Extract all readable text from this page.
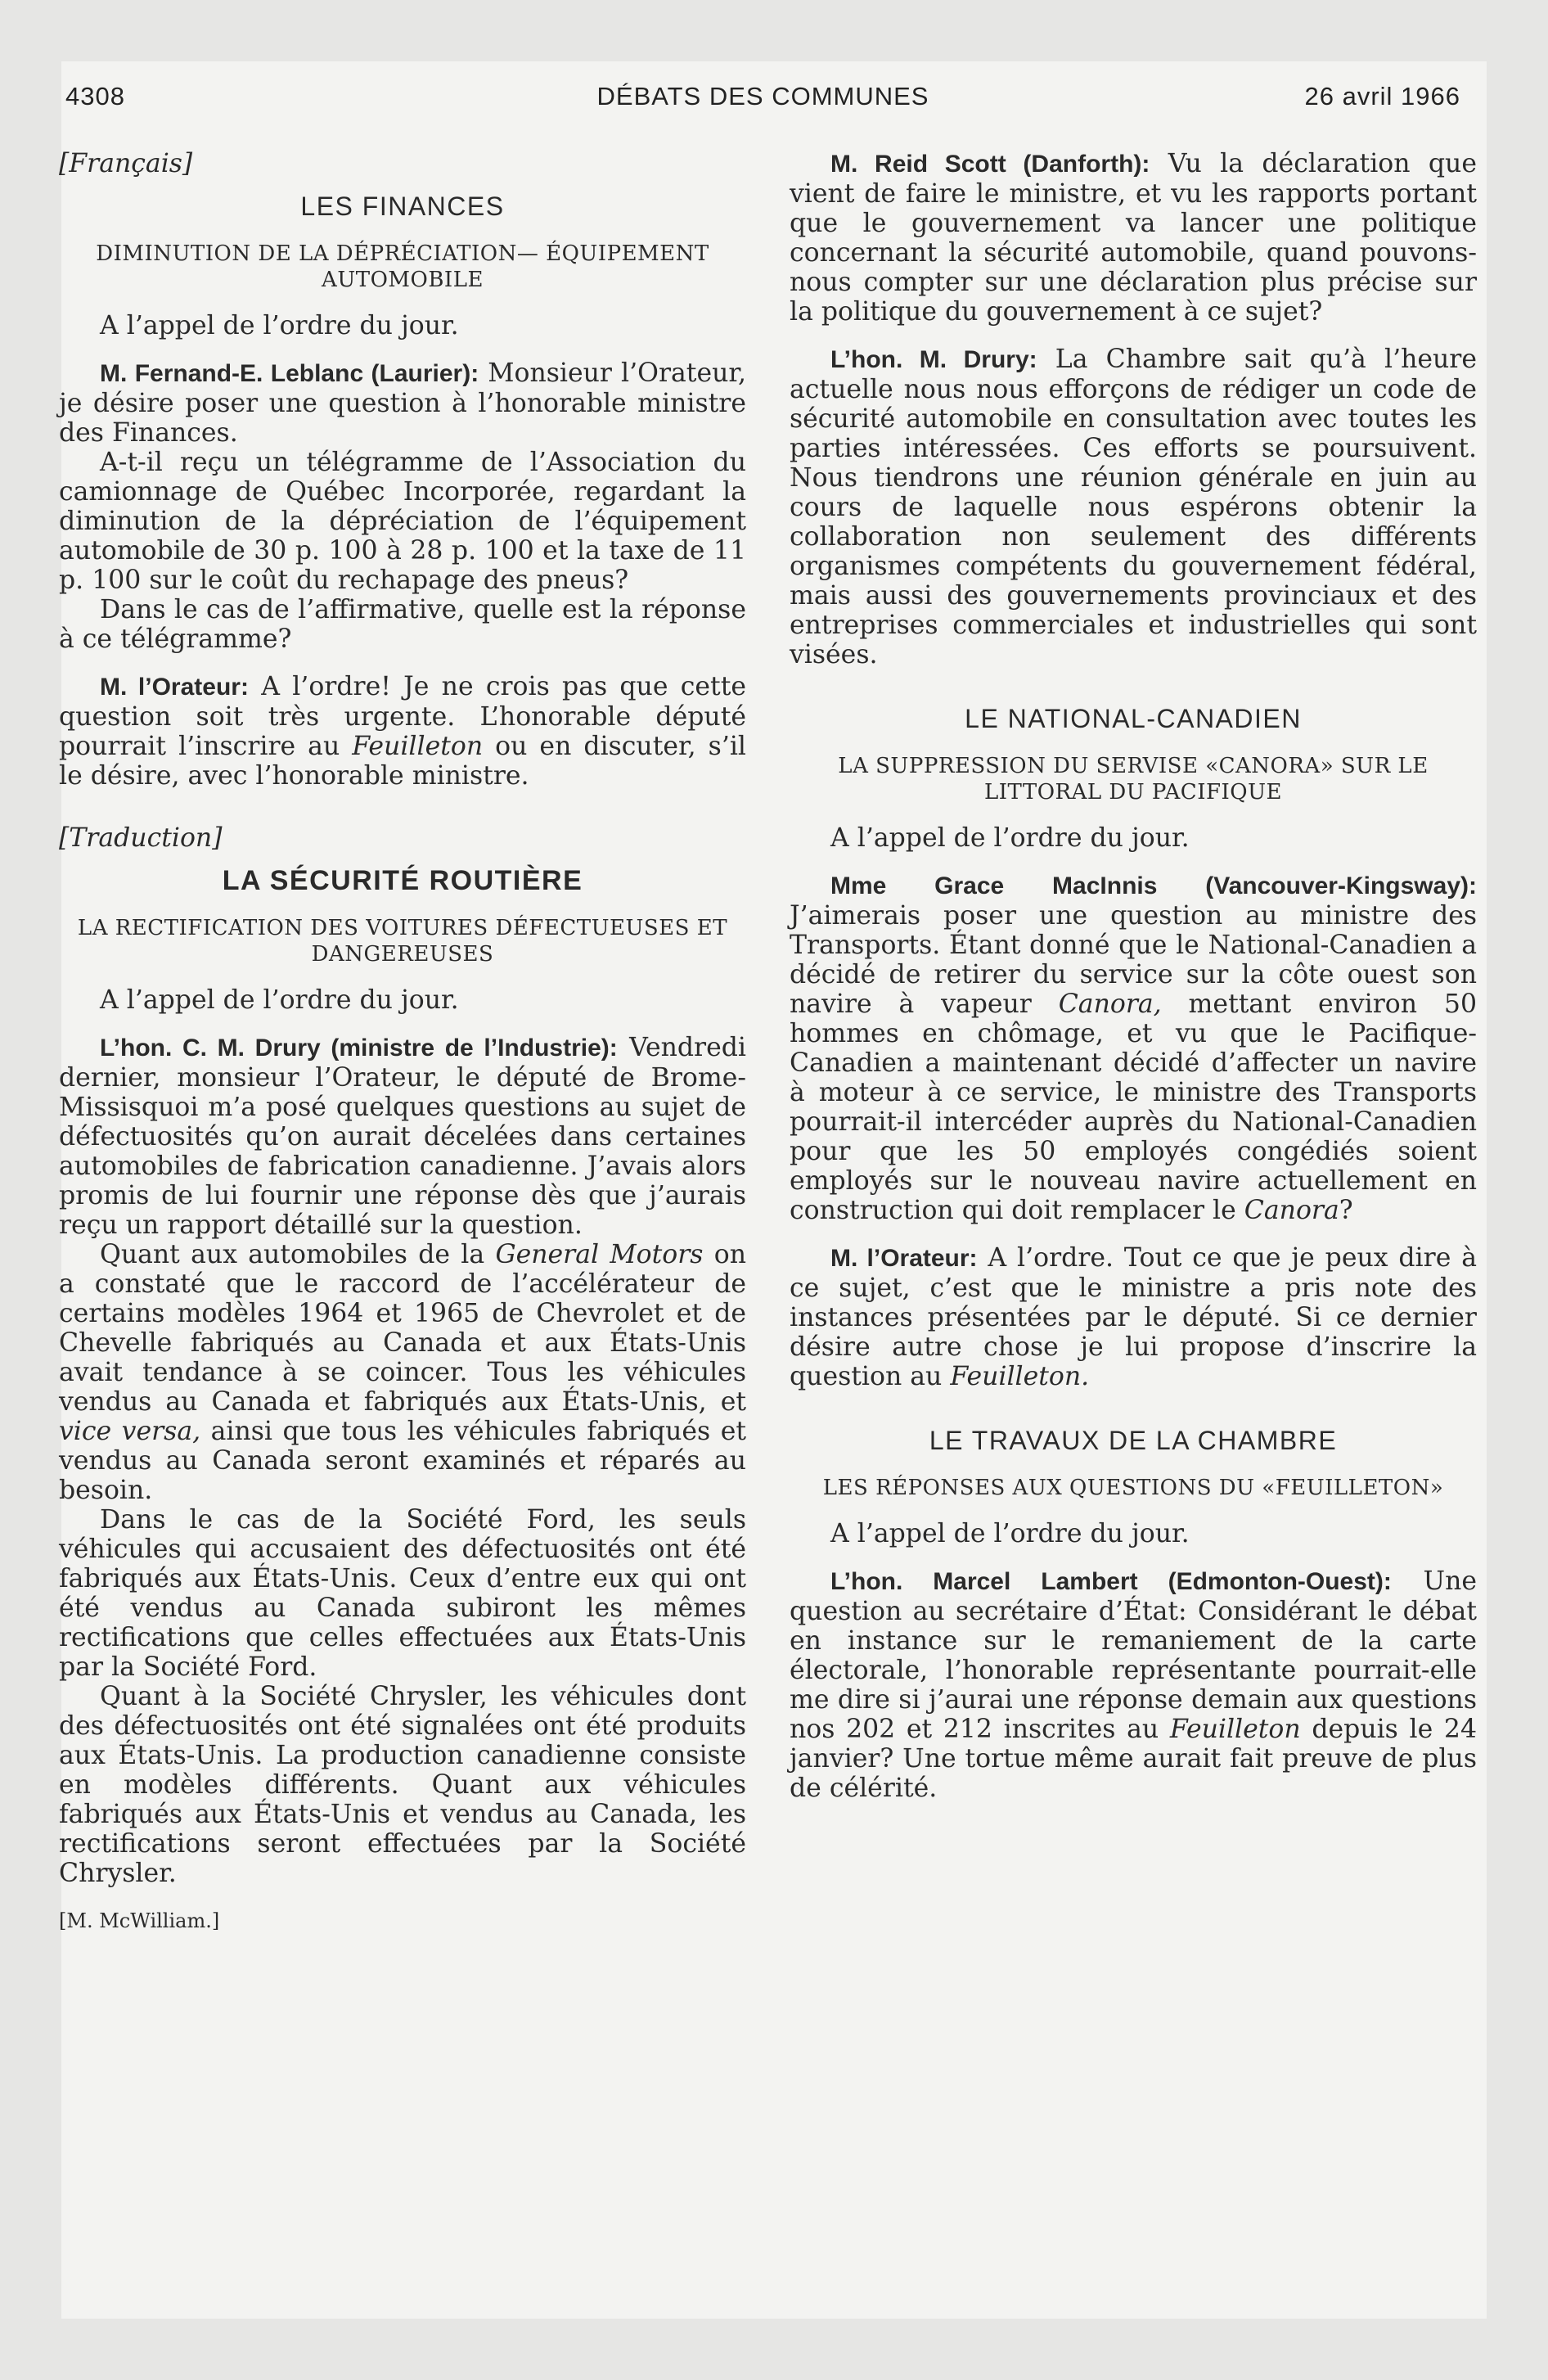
4308	DÉBATS DES COMMUNES	26 avril 1966

[Français]

LES FINANCES

DIMINUTION DE LA DÉPRÉCIATION— ÉQUIPEMENT AUTOMOBILE

A l’appel de l’ordre du jour.

M. Fernand-E. Leblanc (Laurier): Monsieur l’Orateur, je désire poser une question à l’honorable ministre des Finances.

A-t-il reçu un télégramme de l’Association du camionnage de Québec Incorporée, regardant la diminution de la dépréciation de l’équipement automobile de 30 p. 100 à 28 p. 100 et la taxe de 11 p. 100 sur le coût du rechapage des pneus?

Dans le cas de l’affirmative, quelle est la réponse à ce télégramme?

M. l’Orateur: A l’ordre! Je ne crois pas que cette question soit très urgente. L’honorable député pourrait l’inscrire au Feuilleton ou en discuter, s’il le désire, avec l’honorable ministre.

[Traduction]

LA SÉCURITÉ ROUTIÈRE

LA RECTIFICATION DES VOITURES DÉFECTUEUSES ET DANGEREUSES

A l’appel de l’ordre du jour.

L’hon. C. M. Drury (ministre de l’Industrie): Vendredi dernier, monsieur l’Orateur, le député de Brome-Missisquoi m’a posé quelques questions au sujet de défectuosités qu’on aurait décelées dans certaines automobiles de fabrication canadienne. J’avais alors promis de lui fournir une réponse dès que j’aurais reçu un rapport détaillé sur la question.

Quant aux automobiles de la General Motors on a constaté que le raccord de l’accélérateur de certains modèles 1964 et 1965 de Chevrolet et de Chevelle fabriqués au Canada et aux États-Unis avait tendance à se coincer. Tous les véhicules vendus au Canada et fabriqués aux États-Unis, et vice versa, ainsi que tous les véhicules fabriqués et vendus au Canada seront examinés et réparés au besoin.

Dans le cas de la Société Ford, les seuls véhicules qui accusaient des défectuosités ont été fabriqués aux États-Unis. Ceux d’entre eux qui ont été vendus au Canada subiront les mêmes rectifications que celles effectuées aux États-Unis par la Société Ford.

Quant à la Société Chrysler, les véhicules dont des défectuosités ont été signalées ont été produits aux États-Unis. La production canadienne consiste en modèles différents. Quant aux véhicules fabriqués aux États-Unis et vendus au Canada, les rectifications seront effectuées par la Société Chrysler.

[M. McWilliam.]

M. Reid Scott (Danforth): Vu la déclaration que vient de faire le ministre, et vu les rapports portant que le gouvernement va lancer une politique concernant la sécurité automobile, quand pouvons-nous compter sur une déclaration plus précise sur la politique du gouvernement à ce sujet?

L’hon. M. Drury: La Chambre sait qu’à l’heure actuelle nous nous efforçons de rédiger un code de sécurité automobile en consultation avec toutes les parties intéressées. Ces efforts se poursuivent. Nous tiendrons une réunion générale en juin au cours de laquelle nous espérons obtenir la collaboration non seulement des différents organismes compétents du gouvernement fédéral, mais aussi des gouvernements provinciaux et des entreprises commerciales et industrielles qui sont visées.

LE NATIONAL-CANADIEN

LA SUPPRESSION DU SERVISE «CANORA» SUR LE LITTORAL DU PACIFIQUE

A l’appel de l’ordre du jour.

Mme Grace MacInnis (Vancouver-Kingsway): J’aimerais poser une question au ministre des Transports. Étant donné que le National-Canadien a décidé de retirer du service sur la côte ouest son navire à vapeur Canora, mettant environ 50 hommes en chômage, et vu que le Pacifique-Canadien a maintenant décidé d’affecter un navire à moteur à ce service, le ministre des Transports pourrait-il intercéder auprès du National-Canadien pour que les 50 employés congédiés soient employés sur le nouveau navire actuellement en construction qui doit remplacer le Canora?

M. l’Orateur: A l’ordre. Tout ce que je peux dire à ce sujet, c’est que le ministre a pris note des instances présentées par le député. Si ce dernier désire autre chose je lui propose d’inscrire la question au Feuilleton.

LE TRAVAUX DE LA CHAMBRE

LES RÉPONSES AUX QUESTIONS DU «FEUILLETON»

A l’appel de l’ordre du jour.

L’hon. Marcel Lambert (Edmonton-Ouest): Une question au secrétaire d’État: Considérant le débat en instance sur le remaniement de la carte électorale, l’honorable représentante pourrait-elle me dire si j’aurai une réponse demain aux questions nos 202 et 212 inscrites au Feuilleton depuis le 24 janvier? Une tortue même aurait fait preuve de plus de célérité.
